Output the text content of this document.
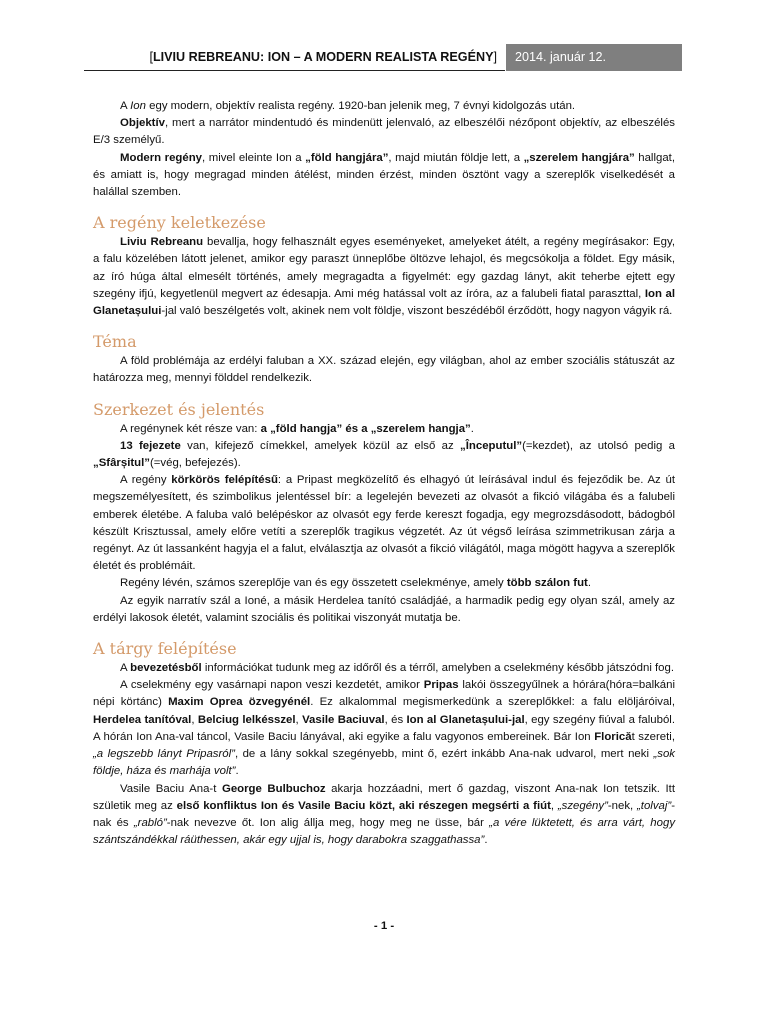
[LIVIU REBREANU: ION – A MODERN REALISTA REGÉNY]	2014. január 12.

A Ion egy modern, objektív realista regény. 1920-ban jelenik meg, 7 évnyi kidolgozás után.

Objektív, mert a narrátor mindentudó és mindenütt jelenvaló, az elbeszélői nézőpont objektív, az elbeszélés E/3 személyű.

Modern regény, mivel eleinte Ion a „föld hangjára”, majd miután földje lett, a „szerelem hangjára” hallgat, és amiatt is, hogy megragad minden átélést, minden érzést, minden ösztönt vagy a szereplők viselkedését a halállal szemben.

A regény keletkezése

Liviu Rebreanu bevallja, hogy felhasznált egyes eseményeket, amelyeket átélt, a regény megírásakor: Egy, a falu közelében látott jelenet, amikor egy paraszt ünneplőbe öltözve lehajol, és megcsókolja a földet. Egy másik, az író húga által elmesélt történés, amely megragadta a figyelmét: egy gazdag lányt, akit teherbe ejtett egy szegény ifjú, kegyetlenül megvert az édesapja. Ami még hatással volt az íróra, az a falubeli fiatal paraszttal, Ion al Glanetașului-jal való beszélgetés volt, akinek nem volt földje, viszont beszédéből érződött, hogy nagyon vágyik rá.

Téma

A föld problémája az erdélyi faluban a XX. század elején, egy világban, ahol az ember szociális státuszát az határozza meg, mennyi földdel rendelkezik.

Szerkezet és jelentés

A regénynek két része van: a „föld hangja” és a „szerelem hangja”.

13 fejezete van, kifejező címekkel, amelyek közül az első az „Începutul”(=kezdet), az utolsó pedig a „Sfârșitul”(=vég, befejezés).

A regény körkörös felépítésű: a Pripast megközelítő és elhagyó út leírásával indul és fejeződik be. Az út megszemélyesített, és szimbolikus jelentéssel bír: a legelején bevezeti az olvasót a fikció világába és a falubeli emberek életébe. A faluba való belépéskor az olvasót egy ferde kereszt fogadja, egy megrozsdásodott, bádogból készült Krisztussal, amely előre vetíti a szereplők tragikus végzetét. Az út végső leírása szimmetrikusan zárja a regényt. Az út lassanként hagyja el a falut, elválasztja az olvasót a fikció világától, maga mögött hagyva a szereplők életét és problémáit.

Regény lévén, számos szereplője van és egy összetett cselekménye, amely több szálon fut.

Az egyik narratív szál a Ioné, a másik Herdelea tanító családjáé, a harmadik pedig egy olyan szál, amely az erdélyi lakosok életét, valamint szociális és politikai viszonyát mutatja be.

A tárgy felépítése

A bevezetésből információkat tudunk meg az időről és a térről, amelyben a cselekmény később játszódni fog.

A cselekmény egy vasárnapi napon veszi kezdetét, amikor Pripas lakói összegyűlnek a hórára(hóra=balkáni népi körtánc) Maxim Oprea özvegyénél. Ez alkalommal megismerkedünk a szereplőkkel: a falu elöljáróival, Herdelea tanítóval, Belciug lelkésszel, Vasile Baciuval, és Ion al Glanetașului-jal, egy szegény fiúval a faluból. A hórán Ion Ana-val táncol, Vasile Baciu lányával, aki egyike a falu vagyonos embereinek. Bár Ion Floricăt szereti, „a legszebb lányt Pripasról”, de a lány sokkal szegényebb, mint ő, ezért inkább Ana-nak udvarol, mert neki „sok földje, háza és marhája volt”.

Vasile Baciu Ana-t George Bulbuchoz akarja hozzáadni, mert ő gazdag, viszont Ana-nak Ion tetszik. Itt születik meg az első konfliktus Ion és Vasile Baciu közt, aki részegen megsérti a fiút, „szegény”-nek, „tolvaj”-nak és „rabló”-nak nevezve őt. Ion alig állja meg, hogy meg ne üsse, bár „a vére lüktetett, és arra várt, hogy szántszándékkal ráüthessen, akár egy ujjal is, hogy darabokra szaggathassa”.

- 1 -
